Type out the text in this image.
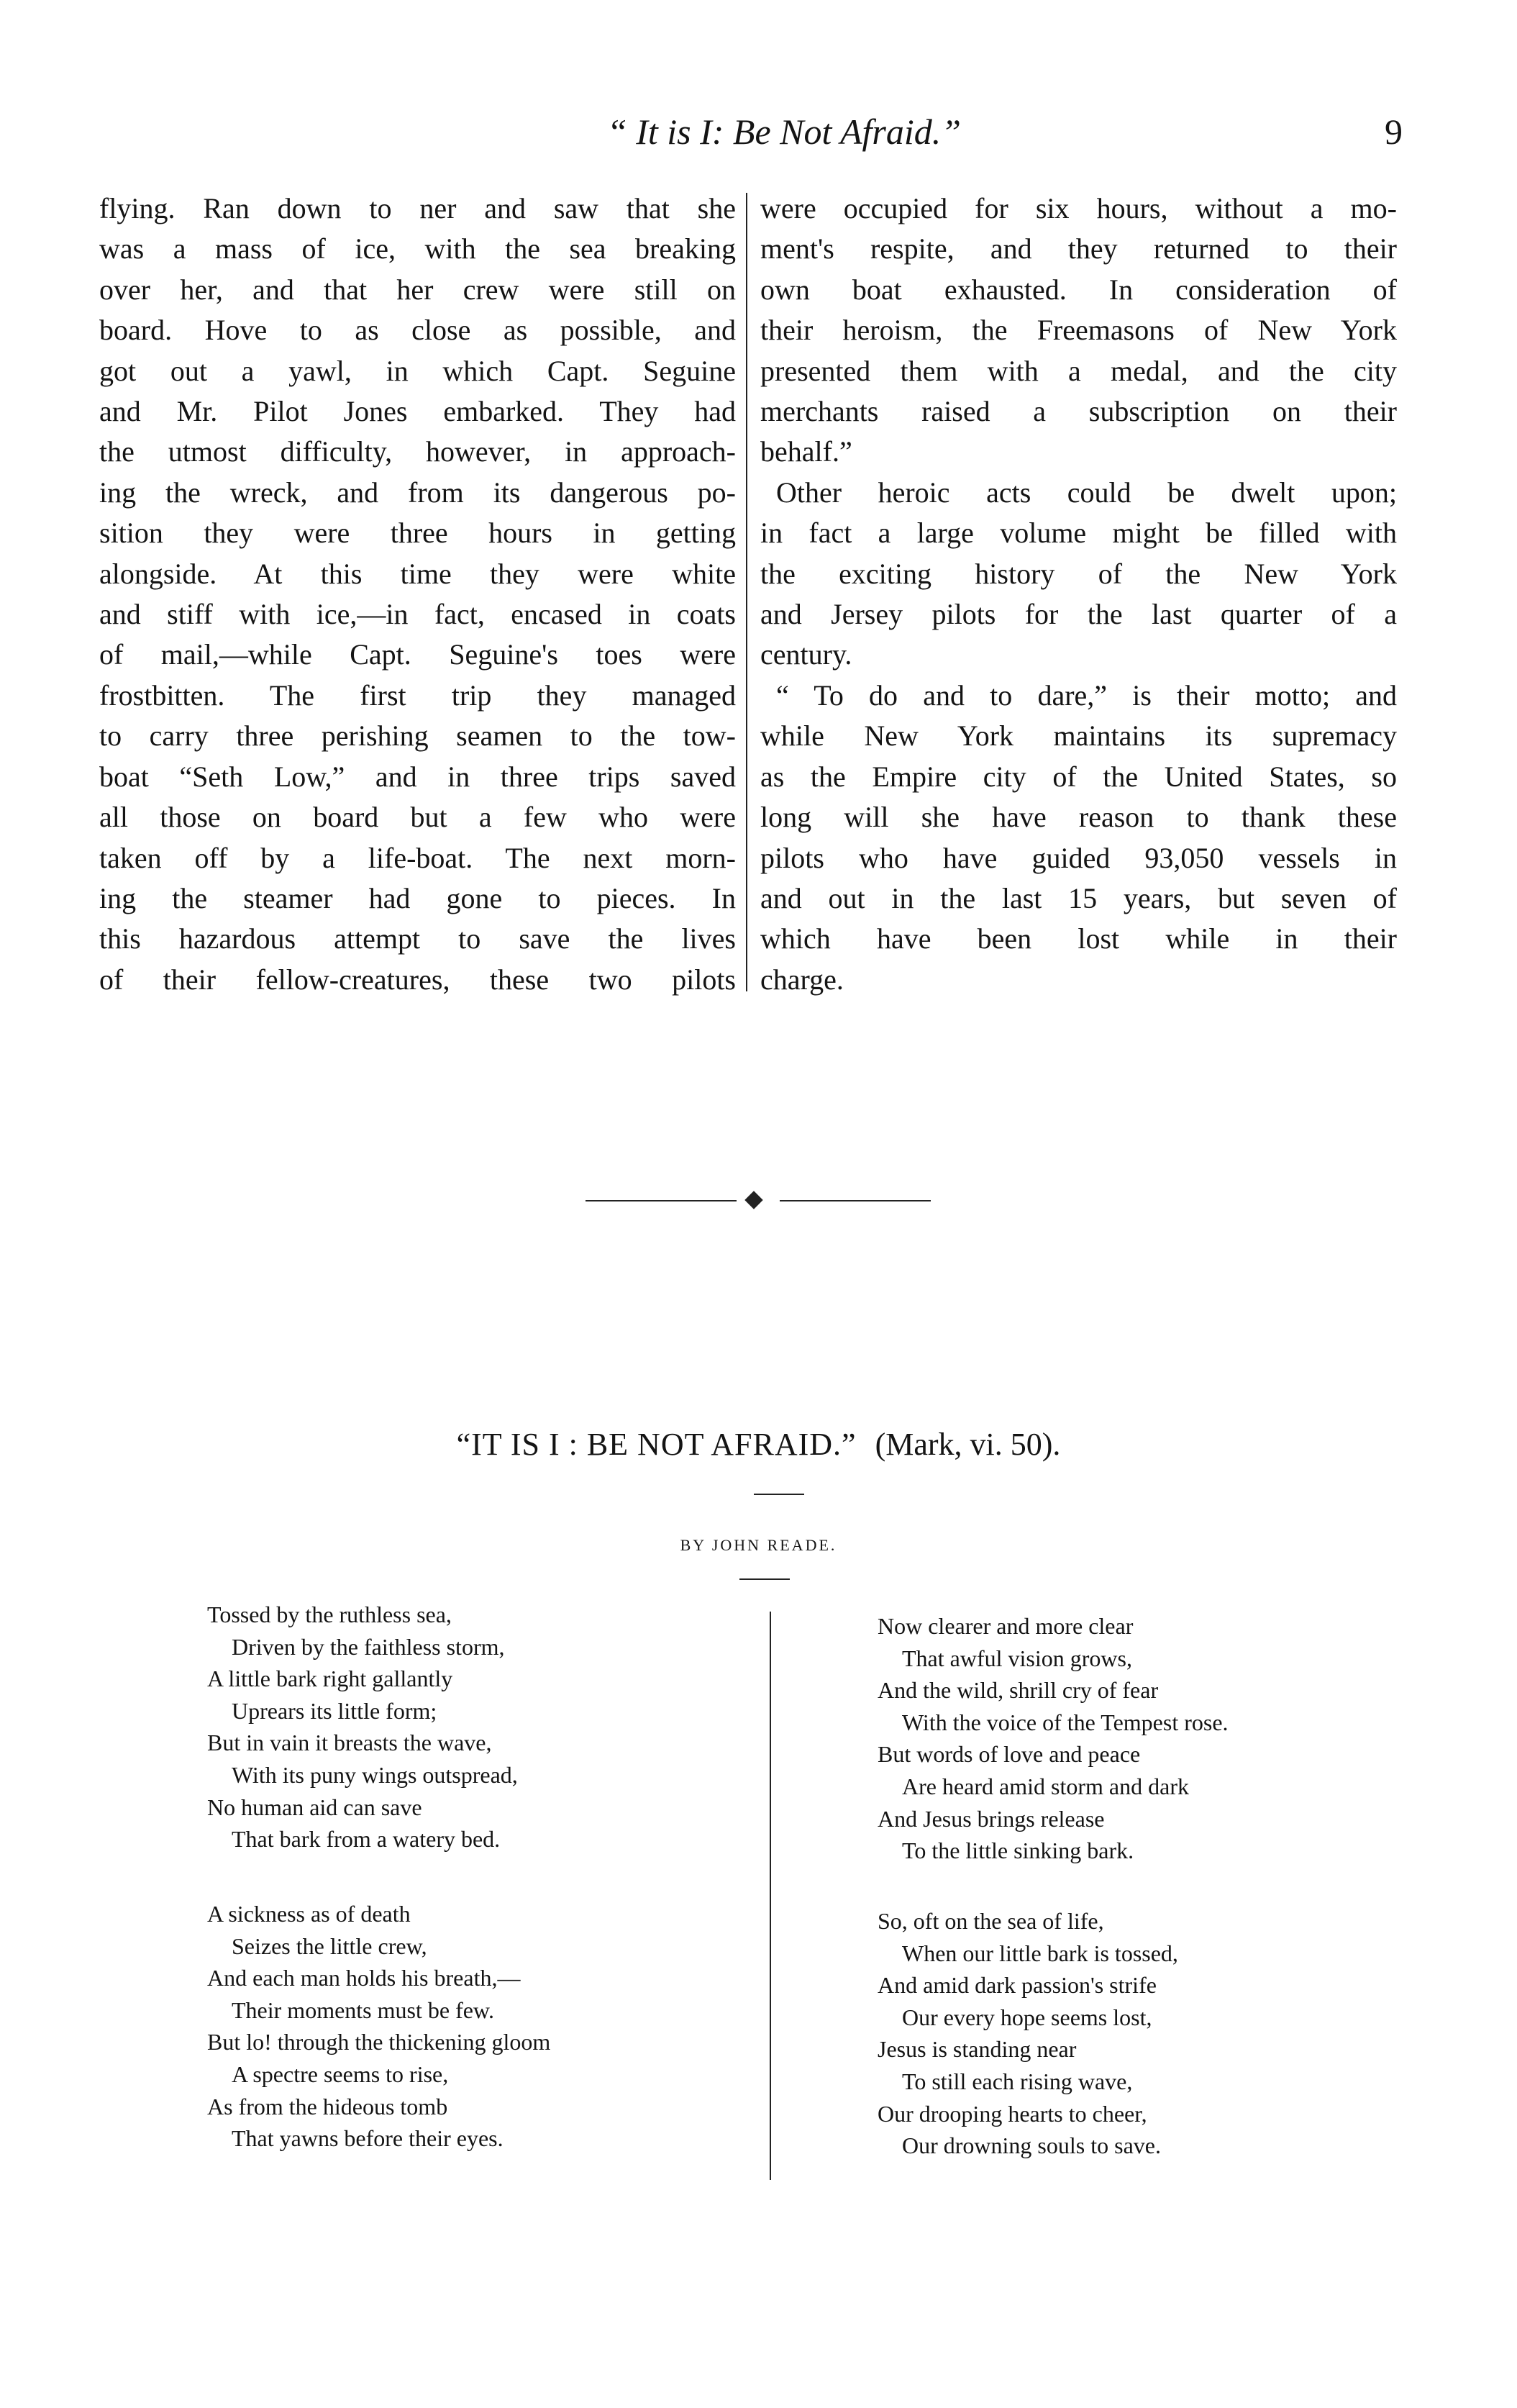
“ It is I: Be Not Afraid.”	9
flying. Ran down to ner and saw that she
was a mass of ice, with the sea breaking
over her, and that her crew were still on
board. Hove to as close as possible, and
got out a yawl, in which Capt. Seguine
and Mr. Pilot Jones embarked. They had
the utmost difficulty, however, in approach-
ing the wreck, and from its dangerous po-
sition they were three hours in getting
alongside. At this time they were white
and stiff with ice,—in fact, encased in coats
of mail,—while Capt. Seguine's toes were
frostbitten. The first trip they managed
to carry three perishing seamen to the tow-
boat “Seth Low,” and in three trips saved
all those on board but a few who were
taken off by a life-boat. The next morn-
ing the steamer had gone to pieces. In
this hazardous attempt to save the lives
of their fellow-creatures, these two pilots
were occupied for six hours, without a mo-
ment's respite, and they returned to their
own boat exhausted. In consideration of
their heroism, the Freemasons of New York
presented them with a medal, and the city
merchants raised a subscription on their
behalf.”
Other heroic acts could be dwelt upon;
in fact a large volume might be filled with
the exciting history of the New York
and Jersey pilots for the last quarter of a
century.
“ To do and to dare,” is their motto; and
while New York maintains its supremacy
as the Empire city of the United States, so
long will she have reason to thank these
pilots who have guided 93,050 vessels in
and out in the last 15 years, but seven of
which have been lost while in their
charge.
“IT IS I : BE NOT AFRAID.” (Mark, vi. 50).
BY JOHN READE.
Tossed by the ruthless sea,
Driven by the faithless storm,
A little bark right gallantly
Uprears its little form;
But in vain it breasts the wave,
With its puny wings outspread,
No human aid can save
That bark from a watery bed.
A sickness as of death
Seizes the little crew,
And each man holds his breath,—
Their moments must be few.
But lo! through the thickening gloom
A spectre seems to rise,
As from the hideous tomb
That yawns before their eyes.
Now clearer and more clear
That awful vision grows,
And the wild, shrill cry of fear
With the voice of the Tempest rose.
But words of love and peace
Are heard amid storm and dark
And Jesus brings release
To the little sinking bark.
So, oft on the sea of life,
When our little bark is tossed,
And amid dark passion's strife
Our every hope seems lost,
Jesus is standing near
To still each rising wave,
Our drooping hearts to cheer,
Our drowning souls to save.
